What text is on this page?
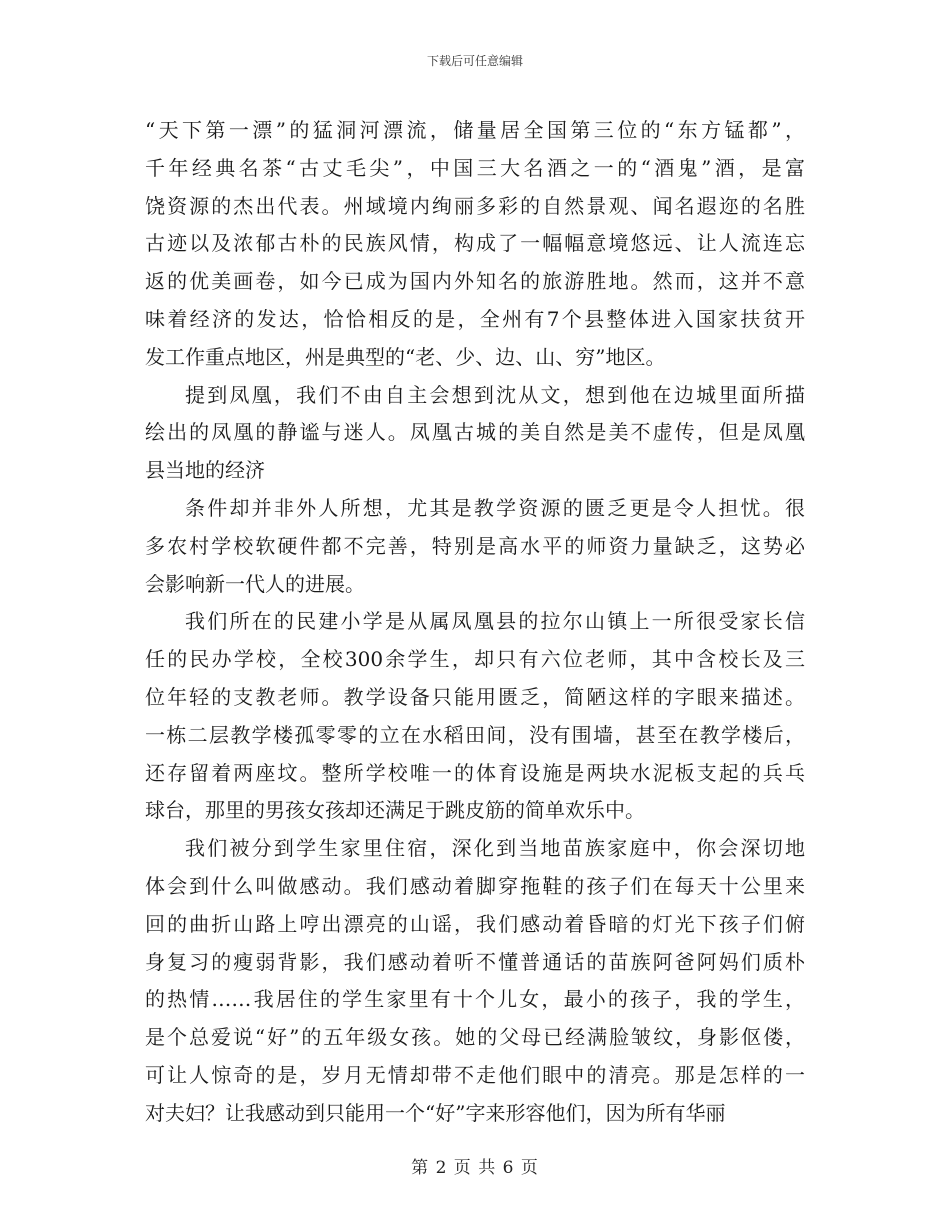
下载后可任意编辑
“天下第一漂”的猛洞河漂流，储量居全国第三位的“东方锰都”，
千年经典名茶“古丈毛尖”，中国三大名酒之一的“酒鬼”酒，是富
饶资源的杰出代表。州域境内绚丽多彩的自然景观、闻名遐迩的名胜
古迹以及浓郁古朴的民族风情，构成了一幅幅意境悠远、让人流连忘
返的优美画卷，如今已成为国内外知名的旅游胜地。然而，这并不意
味着经济的发达，恰恰相反的是，全州有7个县整体进入国家扶贫开
发工作重点地区，州是典型的“老、少、边、山、穷”地区。
提到凤凰，我们不由自主会想到沈从文，想到他在边城里面所描
绘出的凤凰的静谧与迷人。凤凰古城的美自然是美不虚传，但是凤凰
县当地的经济
条件却并非外人所想，尤其是教学资源的匮乏更是令人担忧。很
多农村学校软硬件都不完善，特别是高水平的师资力量缺乏，这势必
会影响新一代人的进展。
我们所在的民建小学是从属凤凰县的拉尔山镇上一所很受家长信
任的民办学校，全校300余学生，却只有六位老师，其中含校长及三
位年轻的支教老师。教学设备只能用匮乏，简陋这样的字眼来描述。
一栋二层教学楼孤零零的立在水稻田间，没有围墙，甚至在教学楼后，
还存留着两座坟。整所学校唯一的体育设施是两块水泥板支起的兵乓
球台，那里的男孩女孩却还满足于跳皮筋的简单欢乐中。
我们被分到学生家里住宿，深化到当地苗族家庭中，你会深切地
体会到什么叫做感动。我们感动着脚穿拖鞋的孩子们在每天十公里来
回的曲折山路上哼出漂亮的山谣，我们感动着昏暗的灯光下孩子们俯
身复习的瘦弱背影，我们感动着听不懂普通话的苗族阿爸阿妈们质朴
的热情……我居住的学生家里有十个儿女，最小的孩子，我的学生，
是个总爱说“好”的五年级女孩。她的父母已经满脸皱纹，身影伛偻，
可让人惊奇的是，岁月无情却带不走他们眼中的清亮。那是怎样的一
对夫妇？让我感动到只能用一个“好”字来形容他们，因为所有华丽
第 2 页 共 6 页
